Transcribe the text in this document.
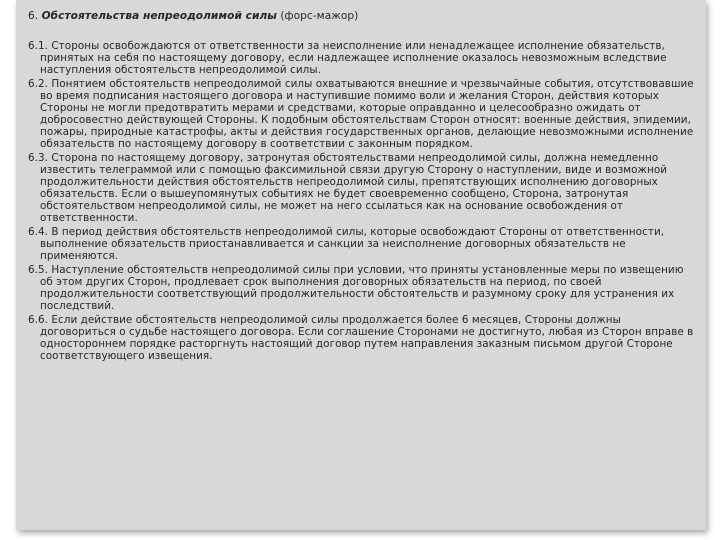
6. Обстоятельства непреодолимой силы (форс-мажор)

6.1. Стороны освобождаются от ответственности за неисполнение или ненадлежащее исполнение обязательств, принятых на себя по настоящему договору, если надлежащее исполнение оказалось невозможным вследствие наступления обстоятельств непреодолимой силы.

6.2. Понятием обстоятельств непреодолимой силы охватываются внешние и чрезвычайные события, отсутствовавшие во время подписания настоящего договора и наступившие помимо воли и желания Сторон, действия которых Стороны не могли предотвратить мерами и средствами, которые оправданно и целесообразно ожидать от добросовестно действующей Стороны. К подобным обстоятельствам Сторон относят: военные действия, эпидемии, пожары, природные катастрофы, акты и действия государственных органов, делающие невозможными исполнение обязательств по настоящему договору в соответствии с законным порядком.

6.3. Сторона по настоящему договору, затронутая обстоятельствами непреодолимой силы, должна немедленно известить телеграммой или с помощью факсимильной связи другую Сторону о наступлении, виде и возможной продолжительности действия обстоятельств непреодолимой силы, препятствующих исполнению договорных обязательств. Если о вышеупомянутых событиях не будет своевременно сообщено, Сторона, затронутая обстоятельством непреодолимой силы, не может на него ссылаться как на основание освобождения от ответственности.

6.4. В период действия обстоятельств непреодолимой силы, которые освобождают Стороны от ответственности, выполнение обязательств приостанавливается и санкции за неисполнение договорных обязательств не применяются.

6.5. Наступление обстоятельств непреодолимой силы при условии, что приняты установленные меры по извещению об этом других Сторон, продлевает срок выполнения договорных обязательств на период, по своей продолжительности соответствующий продолжительности обстоятельств и разумному сроку для устранения их последствий.

6.6. Если действие обстоятельств непреодолимой силы продолжается более 6 месяцев, Стороны должны договориться о судьбе настоящего договора. Если соглашение Сторонами не достигнуто, любая из Сторон вправе в одностороннем порядке расторгнуть настоящий договор путем направления заказным письмом другой Стороне соответствующего извещения.
